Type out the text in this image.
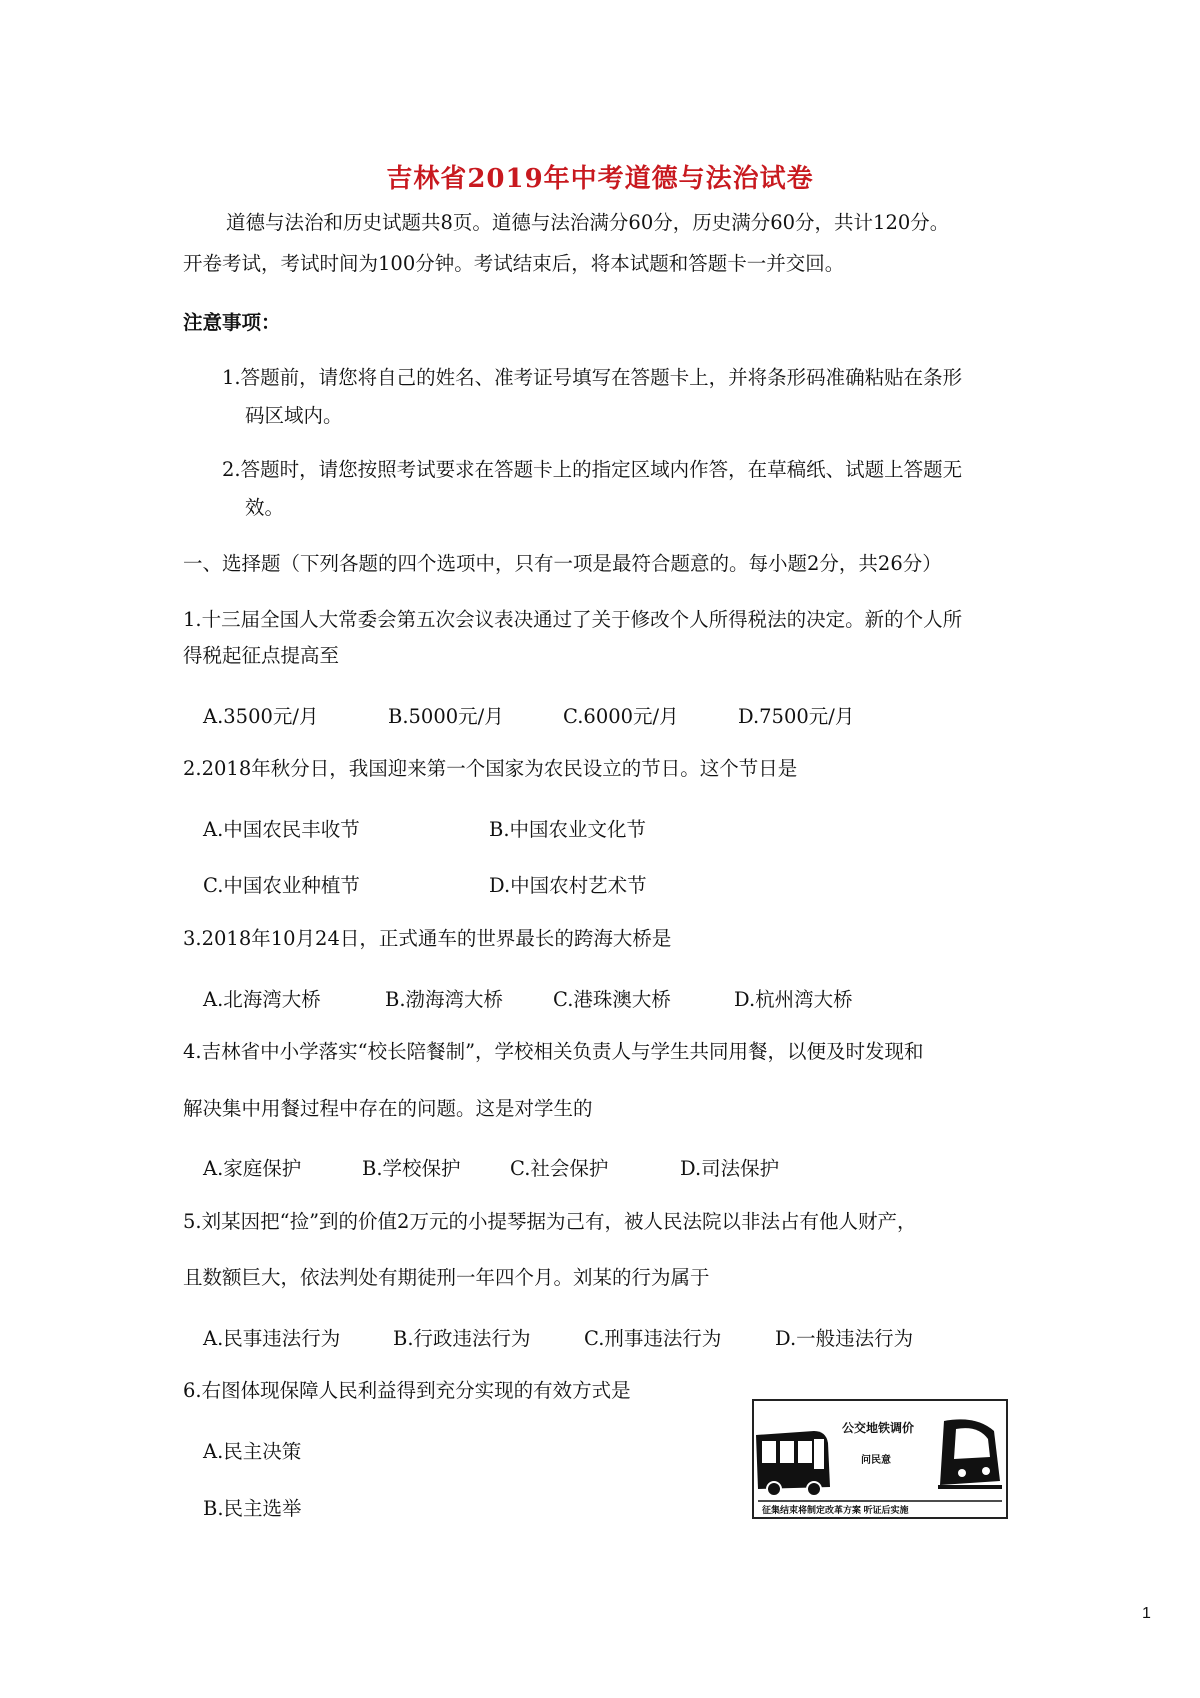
吉林省2019年中考道德与法治试卷
道德与法治和历史试题共8页。道德与法治满分60分，历史满分60分，共计120分。
开卷考试，考试时间为100分钟。考试结束后，将本试题和答题卡一并交回。
注意事项：
1.答题前，请您将自己的姓名、准考证号填写在答题卡上，并将条形码准确粘贴在条形
码区域内。
2.答题时，请您按照考试要求在答题卡上的指定区域内作答，在草稿纸、试题上答题无
效。
一、选择题（下列各题的四个选项中，只有一项是最符合题意的。每小题2分，共26分）
1.十三届全国人大常委会第五次会议表决通过了关于修改个人所得税法的决定。新的个人所
得税起征点提高至
A.3500元/月	B.5000元/月	C.6000元/月	D.7500元/月
2.2018年秋分日，我国迎来第一个国家为农民设立的节日。这个节日是
A.中国农民丰收节	B.中国农业文化节
C.中国农业种植节	D.中国农村艺术节
3.2018年10月24日，正式通车的世界最长的跨海大桥是
A.北海湾大桥	B.渤海湾大桥	C.港珠澳大桥	D.杭州湾大桥
4.吉林省中小学落实“校长陪餐制”，学校相关负责人与学生共同用餐，以便及时发现和
解决集中用餐过程中存在的问题。这是对学生的
A.家庭保护	B.学校保护	C.社会保护	D.司法保护
5.刘某因把“捡”到的价值2万元的小提琴据为己有，被人民法院以非法占有他人财产，
且数额巨大，依法判处有期徒刑一年四个月。刘某的行为属于
A.民事违法行为	B.行政违法行为	C.刑事违法行为	D.一般违法行为
6.右图体现保障人民利益得到充分实现的有效方式是
A.民主决策
B.民主选举
公交地铁调价
问民意
征集结束将制定改革方案 听证后实施
1
